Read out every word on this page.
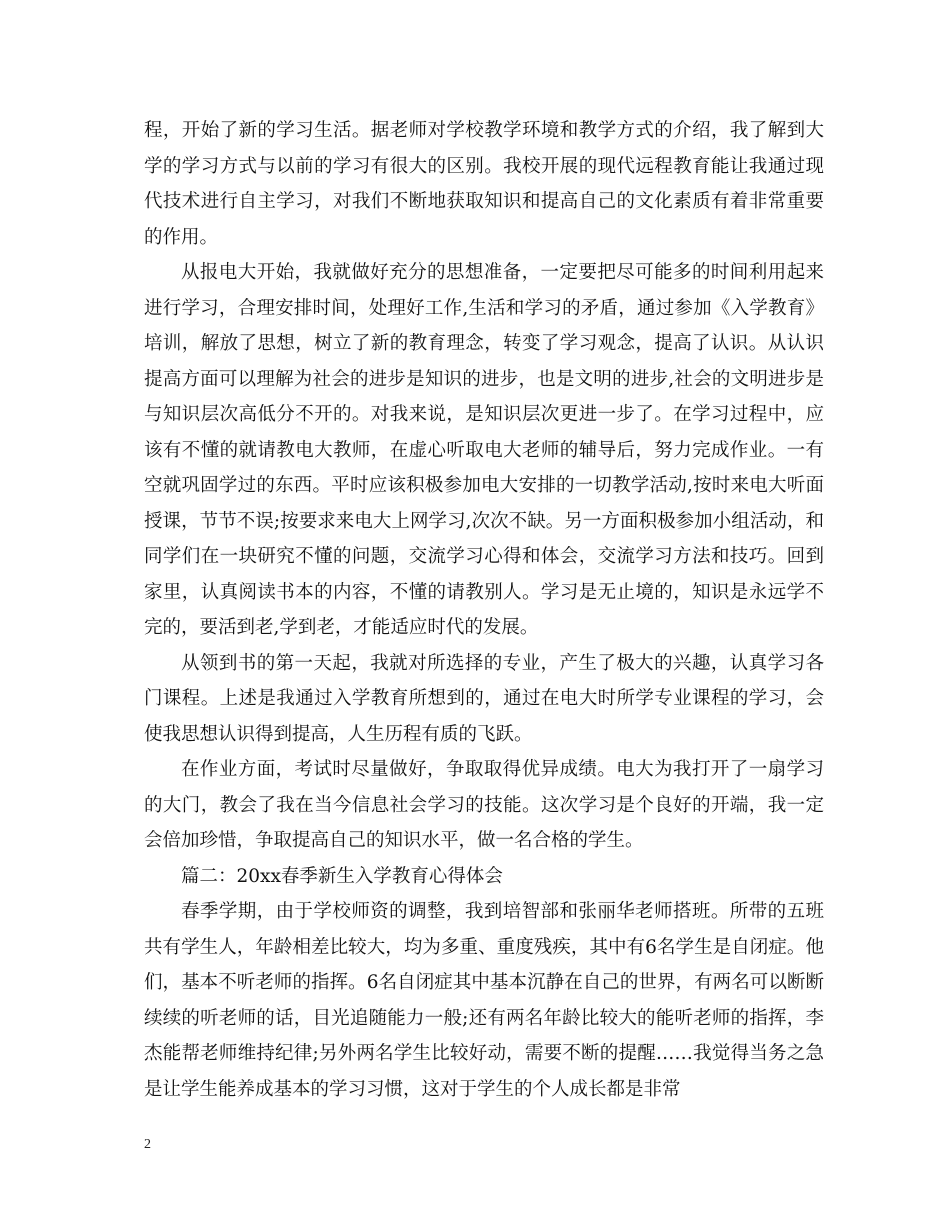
程，开始了新的学习生活。据老师对学校教学环境和教学方式的介绍，我了解到大学的学习方式与以前的学习有很大的区别。我校开展的现代远程教育能让我通过现代技术进行自主学习，对我们不断地获取知识和提高自己的文化素质有着非常重要的作用。

从报电大开始，我就做好充分的思想准备，一定要把尽可能多的时间利用起来进行学习，合理安排时间，处理好工作,生活和学习的矛盾，通过参加《入学教育》培训，解放了思想，树立了新的教育理念，转变了学习观念，提高了认识。从认识提高方面可以理解为社会的进步是知识的进步，也是文明的进步,社会的文明进步是与知识层次高低分不开的。对我来说，是知识层次更进一步了。在学习过程中，应该有不懂的就请教电大教师，在虚心听取电大老师的辅导后，努力完成作业。一有空就巩固学过的东西。平时应该积极参加电大安排的一切教学活动,按时来电大听面授课，节节不误;按要求来电大上网学习,次次不缺。另一方面积极参加小组活动，和同学们在一块研究不懂的问题，交流学习心得和体会，交流学习方法和技巧。回到家里，认真阅读书本的内容，不懂的请教别人。学习是无止境的，知识是永远学不完的，要活到老,学到老，才能适应时代的发展。

从领到书的第一天起，我就对所选择的专业，产生了极大的兴趣，认真学习各门课程。上述是我通过入学教育所想到的，通过在电大时所学专业课程的学习，会使我思想认识得到提高，人生历程有质的飞跃。

在作业方面，考试时尽量做好，争取取得优异成绩。电大为我打开了一扇学习的大门，教会了我在当今信息社会学习的技能。这次学习是个良好的开端，我一定会倍加珍惜，争取提高自己的知识水平，做一名合格的学生。

篇二：20xx春季新生入学教育心得体会

春季学期，由于学校师资的调整，我到培智部和张丽华老师搭班。所带的五班共有学生人，年龄相差比较大，均为多重、重度残疾，其中有6名学生是自闭症。他们，基本不听老师的指挥。6名自闭症其中基本沉静在自己的世界，有两名可以断断续续的听老师的话，目光追随能力一般;还有两名年龄比较大的能听老师的指挥，李杰能帮老师维持纪律;另外两名学生比较好动，需要不断的提醒……我觉得当务之急是让学生能养成基本的学习习惯，这对于学生的个人成长都是非常

2
